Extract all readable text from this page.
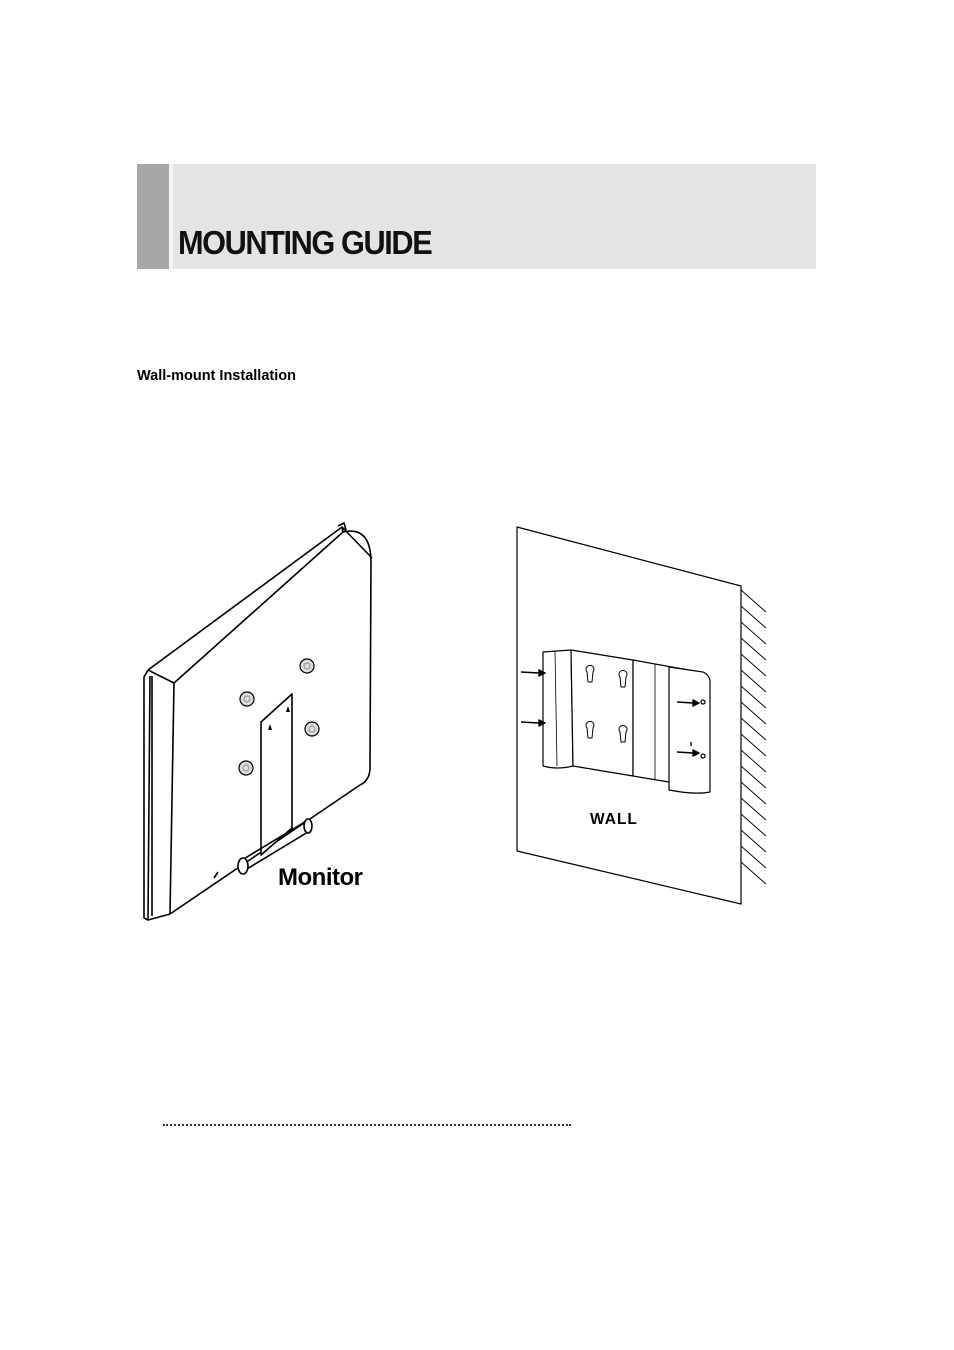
MOUNTING GUIDE
Wall-mount Installation
Monitor
WALL
